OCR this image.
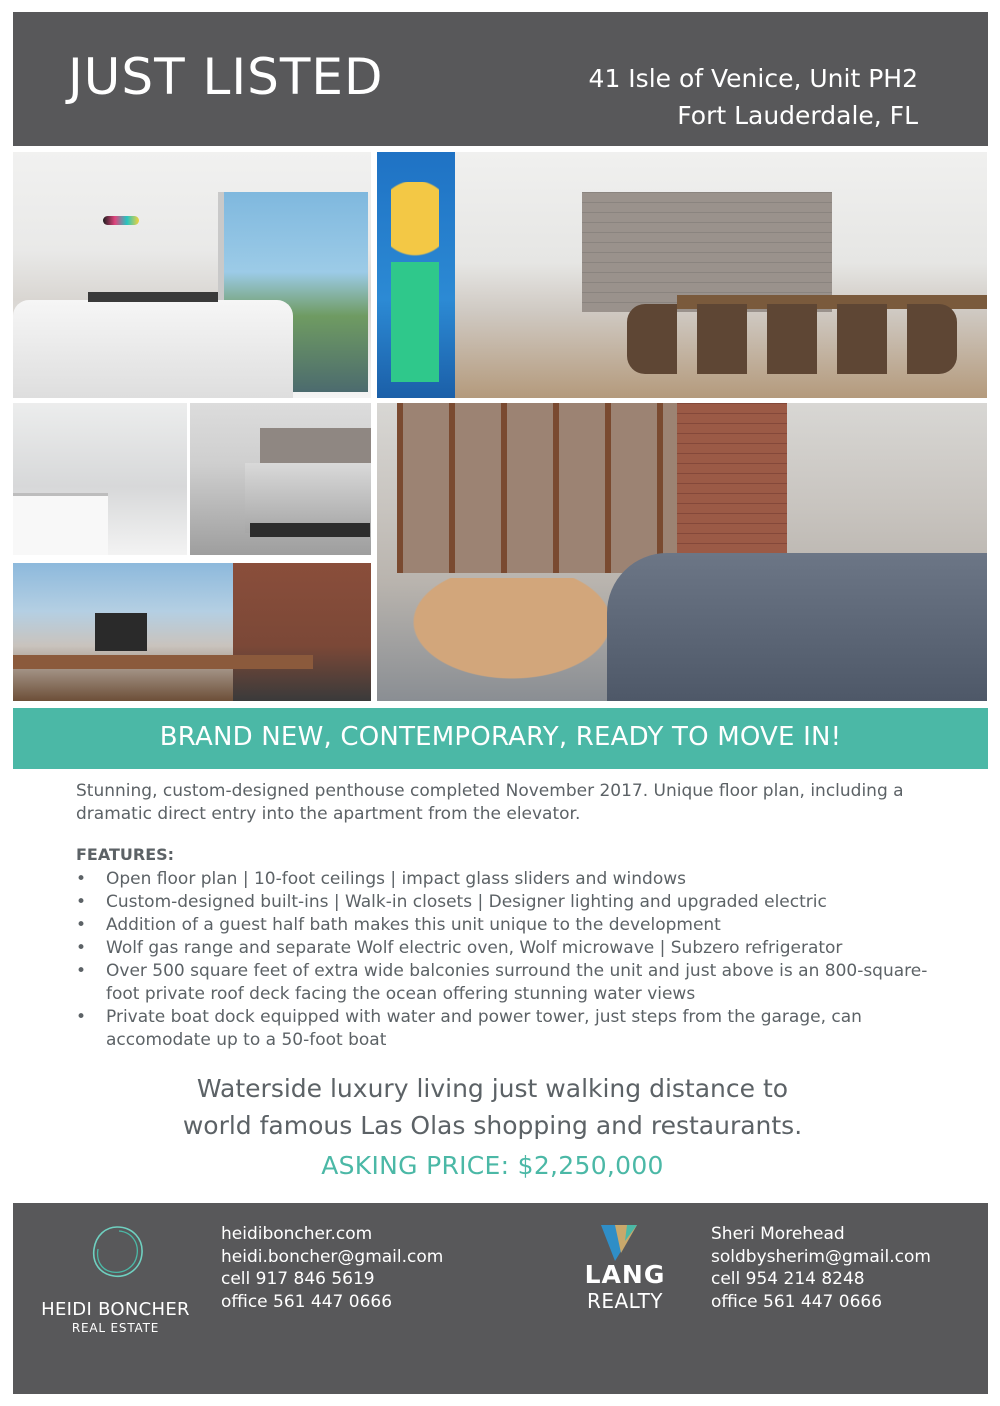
JUST LISTED	41 Isle of Venice, Unit PH2
Fort Lauderdale, FL
BRAND NEW, CONTEMPORARY, READY TO MOVE IN!

Stunning, custom-designed penthouse completed November 2017. Unique floor plan, including a dramatic direct entry into the apartment from the elevator.

FEATURES:
• Open floor plan | 10-foot ceilings | impact glass sliders and windows
• Custom-designed built-ins | Walk-in closets | Designer lighting and upgraded electric
• Addition of a guest half bath makes this unit unique to the development
• Wolf gas range and separate Wolf electric oven, Wolf microwave | Subzero refrigerator
• Over 500 square feet of extra wide balconies surround the unit and just above is an 800-square-foot private roof deck facing the ocean offering stunning water views
• Private boat dock equipped with water and power tower, just steps from the garage, can accomodate up to a 50-foot boat
Waterside luxury living just walking distance to
world famous Las Olas shopping and restaurants.
ASKING PRICE: $2,250,000
HEIDI BONCHER
REAL ESTATE
heidiboncher.com
heidi.boncher@gmail.com
cell 917 846 5619
office 561 447 0666
LANG
REALTY
Sheri Morehead
soldbysherim@gmail.com
cell 954 214 8248
office 561 447 0666
